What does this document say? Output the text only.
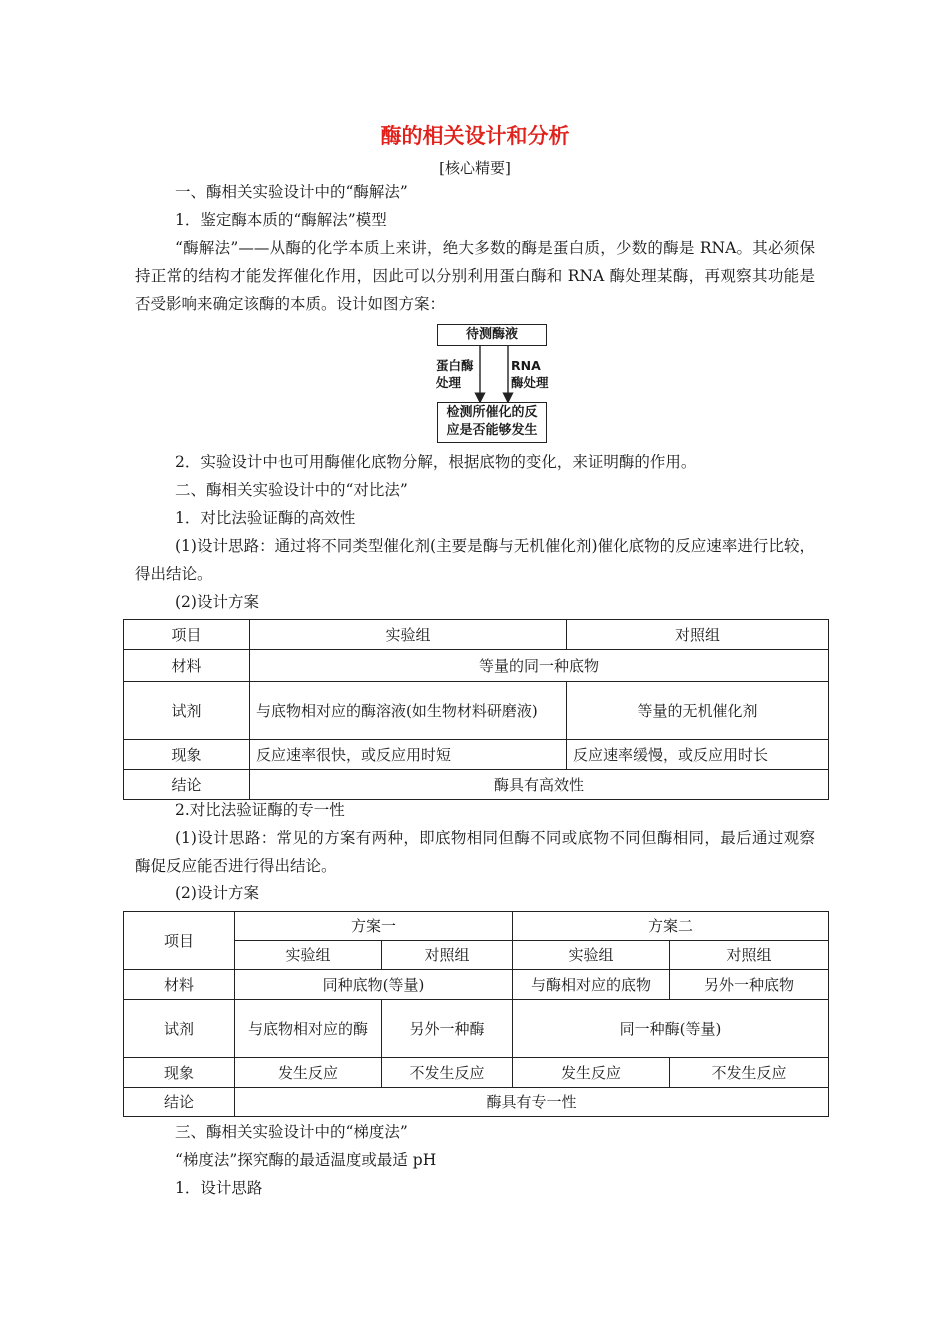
酶的相关设计和分析
[核心精要]
一、酶相关实验设计中的“酶解法”
1．鉴定酶本质的“酶解法”模型
“酶解法”——从酶的化学本质上来讲，绝大多数的酶是蛋白质，少数的酶是 RNA。其必须保持正常的结构才能发挥催化作用，因此可以分别利用蛋白酶和 RNA 酶处理某酶，再观察其功能是否受影响来确定该酶的本质。设计如图方案：
待测酶液
蛋白酶
处理
RNA
酶处理
检测所催化的反
应是否能够发生
2．实验设计中也可用酶催化底物分解，根据底物的变化，来证明酶的作用。
二、酶相关实验设计中的“对比法”
1．对比法验证酶的高效性
(1)设计思路：通过将不同类型催化剂(主要是酶与无机催化剂)催化底物的反应速率进行比较，得出结论。
(2)设计方案
项目	实验组	对照组
材料	等量的同一种底物	
试剂	与底物相对应的酶溶液(如生物材料研磨液)	等量的无机催化剂
现象	反应速率很快，或反应用时短	反应速率缓慢，或反应用时长
结论	酶具有高效性	
2.对比法验证酶的专一性
(1)设计思路：常见的方案有两种，即底物相同但酶不同或底物不同但酶相同，最后通过观察酶促反应能否进行得出结论。
(2)设计方案
项目	方案一		方案二	
	实验组	对照组	实验组	对照组
材料	同种底物(等量)		与酶相对应的底物	另外一种底物
试剂	与底物相对应的酶	另外一种酶	同一种酶(等量)	
现象	发生反应	不发生反应	发生反应	不发生反应
结论	酶具有专一性			
三、酶相关实验设计中的“梯度法”
“梯度法”探究酶的最适温度或最适 pH
1．设计思路
